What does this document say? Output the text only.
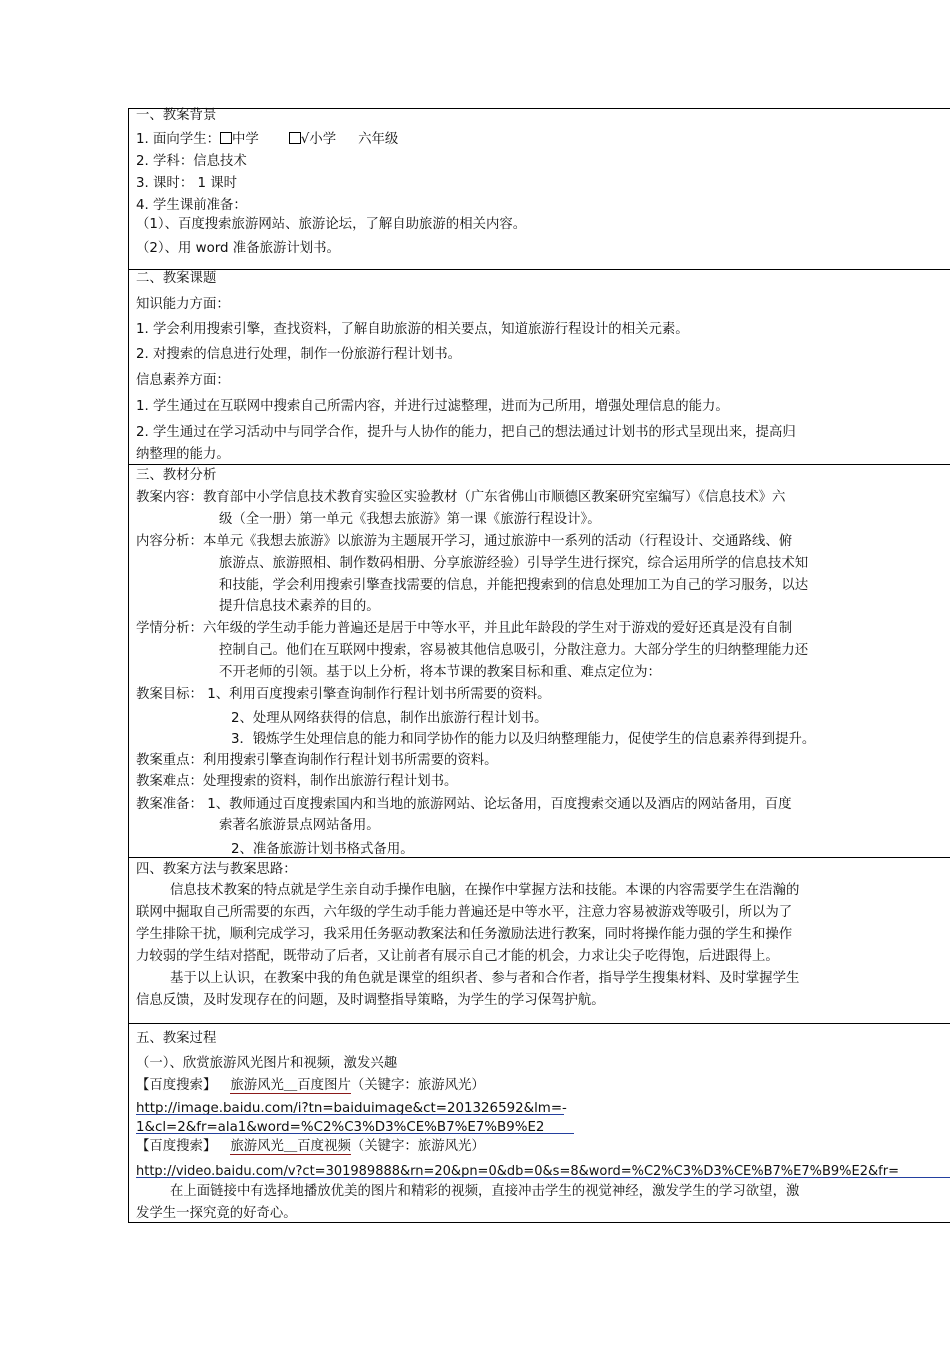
一、教案背景
1. 面向学生： 中学	√小学 六年级
2. 学科：信息技术
3. 课时： 1 课时
4. 学生课前准备：
（1）、百度搜索旅游网站、旅游论坛，了解自助旅游的相关内容。
（2）、用 word 准备旅游计划书。
二、教案课题
知识能力方面：
1. 学会利用搜索引擎，查找资料，了解自助旅游的相关要点，知道旅游行程设计的相关元素。
2. 对搜索的信息进行处理，制作一份旅游行程计划书。
信息素养方面：
1. 学生通过在互联网中搜索自己所需内容，并进行过滤整理，进而为己所用，增强处理信息的能力。
2. 学生通过在学习活动中与同学合作，提升与人协作的能力，把自己的想法通过计划书的形式呈现出来，提高归
纳整理的能力。
三、教材分析
教案内容：教育部中小学信息技术教育实验区实验教材（广东省佛山市顺德区教案研究室编写）《信息技术》六
级（全一册）第一单元《我想去旅游》第一课《旅游行程设计》。
内容分析：本单元《我想去旅游》以旅游为主题展开学习，通过旅游中一系列的活动（行程设计、交通路线、俯
旅游点、旅游照相、制作数码相册、分享旅游经验）引导学生进行探究，综合运用所学的信息技术知
和技能，学会利用搜索引擎查找需要的信息，并能把搜索到的信息处理加工为自己的学习服务，以达
提升信息技术素养的目的。
学情分析：六年级的学生动手能力普遍还是居于中等水平，并且此年龄段的学生对于游戏的爱好还真是没有自制
控制自己。他们在互联网中搜索，容易被其他信息吸引，分散注意力。大部分学生的归纳整理能力还
不开老师的引领。基于以上分析，将本节课的教案目标和重、难点定位为：
教案目标： 1、利用百度搜索引擎查询制作行程计划书所需要的资料。
2、处理从网络获得的信息，制作出旅游行程计划书。
3．锻炼学生处理信息的能力和同学协作的能力以及归纳整理能力，促使学生的信息素养得到提升。
教案重点：利用搜索引擎查询制作行程计划书所需要的资料。
教案难点：处理搜索的资料，制作出旅游行程计划书。
教案准备： 1、教师通过百度搜索国内和当地的旅游网站、论坛备用，百度搜索交通以及酒店的网站备用，百度
索著名旅游景点网站备用。
2、准备旅游计划书格式备用。
四、教案方法与教案思路：
信息技术教案的特点就是学生亲自动手操作电脑，在操作中掌握方法和技能。本课的内容需要学生在浩瀚的
联网中掘取自己所需要的东西，六年级的学生动手能力普遍还是中等水平，注意力容易被游戏等吸引，所以为了
学生排除干扰，顺利完成学习，我采用任务驱动教案法和任务激励法进行教案，同时将操作能力强的学生和操作
力较弱的学生结对搭配，既带动了后者，又让前者有展示自己才能的机会，力求让尖子吃得饱，后进跟得上。
基于以上认识，在教案中我的角色就是课堂的组织者、参与者和合作者，指导学生搜集材料、及时掌握学生
信息反馈，及时发现存在的问题，及时调整指导策略，为学生的学习保驾护航。
五、教案过程
（一）、欣赏旅游风光图片和视频，激发兴趣
【百度搜索】 旅游风光＿百度图片（关键字：旅游风光）
http://image.baidu.com/i?tn=baiduimage&ct=201326592&lm=-
1&cl=2&fr=ala1&word=%C2%C3%D3%CE%B7%E7%B9%E2
【百度搜索】 旅游风光＿百度视频（关键字：旅游风光）
http://video.baidu.com/v?ct=301989888&rn=20&pn=0&db=0&s=8&word=%C2%C3%D3%CE%B7%E7%B9%E2&fr=
在上面链接中有选择地播放优美的图片和精彩的视频，直接冲击学生的视觉神经，激发学生的学习欲望，激
发学生一探究竟的好奇心。
